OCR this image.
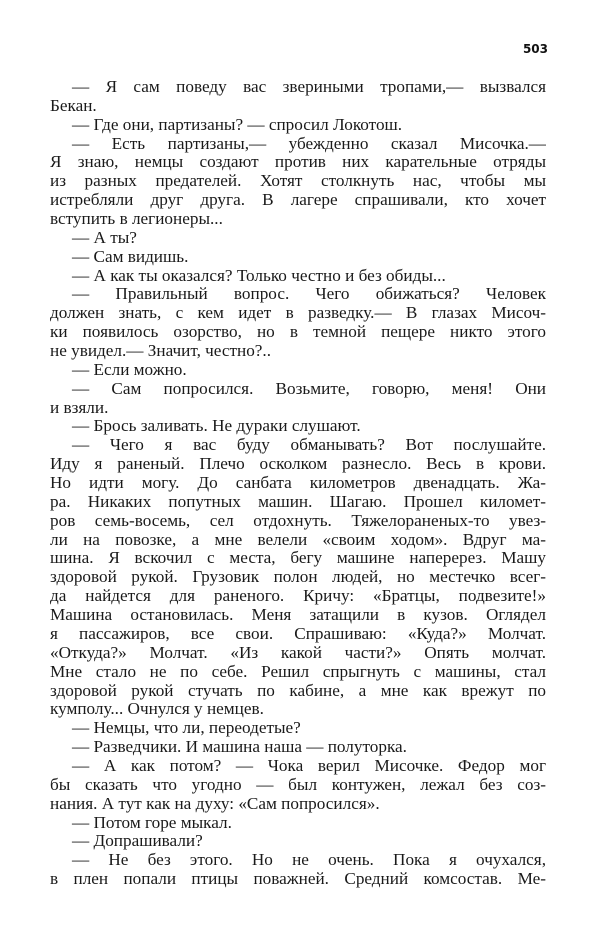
503
— Я сам поведу вас звериными тропами,— вызвался
Бекан.
— Где они, партизаны? — спросил Локотош.
— Есть партизаны,— убежденно сказал Мисочка.—
Я знаю, немцы создают против них карательные отряды
из разных предателей. Хотят столкнуть нас, чтобы мы
истребляли друг друга. В лагере спрашивали, кто хочет
вступить в легионеры...
— А ты?
— Сам видишь.
— А как ты оказался? Только честно и без обиды...
— Правильный вопрос. Чего обижаться? Человек
должен знать, с кем идет в разведку.— В глазах Мисоч-
ки появилось озорство, но в темной пещере никто этого
не увидел.— Значит, честно?..
— Если можно.
— Сам попросился. Возьмите, говорю, меня! Они
и взяли.
— Брось заливать. Не дураки слушают.
— Чего я вас буду обманывать? Вот послушайте.
Иду я раненый. Плечо осколком разнесло. Весь в крови.
Но идти могу. До санбата километров двенадцать. Жа-
ра. Никаких попутных машин. Шагаю. Прошел километ-
ров семь-восемь, сел отдохнуть. Тяжелораненых-то увез-
ли на повозке, а мне велели «своим ходом». Вдруг ма-
шина. Я вскочил с места, бегу машине наперерез. Машу
здоровой рукой. Грузовик полон людей, но местечко всег-
да найдется для раненого. Кричу: «Братцы, подвезите!»
Машина остановилась. Меня затащили в кузов. Оглядел
я пассажиров, все свои. Спрашиваю: «Куда?» Молчат.
«Откуда?» Молчат. «Из какой части?» Опять молчат.
Мне стало не по себе. Решил спрыгнуть с машины, стал
здоровой рукой стучать по кабине, а мне как врежут по
кумполу... Очнулся у немцев.
— Немцы, что ли, переодетые?
— Разведчики. И машина наша — полуторка.
— А как потом? — Чока верил Мисочке. Федор мог
бы сказать что угодно — был контужен, лежал без соз-
нания. А тут как на духу: «Сам попросился».
— Потом горе мыкал.
— Допрашивали?
— Не без этого. Но не очень. Пока я очухался,
в плен попали птицы поважней. Средний комсостав. Ме-
